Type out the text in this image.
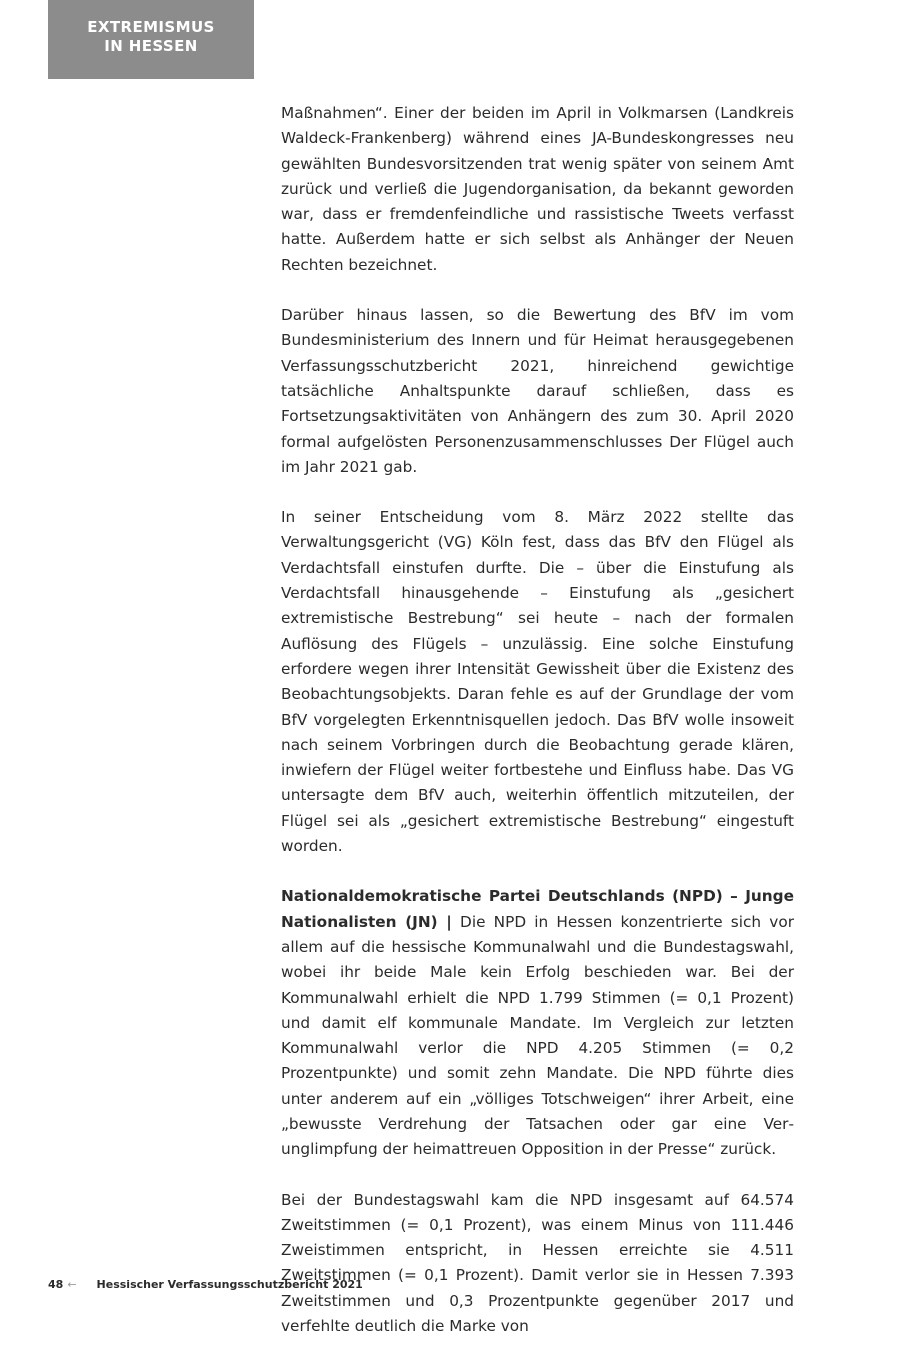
EXTREMISMUS
IN HESSEN

Maßnahmen“. Einer der beiden im April in Volkmarsen (Landkreis Waldeck-Frankenberg) während eines JA-Bundeskongresses neu gewählten Bundesvorsitzenden trat wenig später von seinem Amt zurück und verließ die Jugendorganisation, da bekannt geworden war, dass er fremdenfeindliche und rassistische Tweets verfasst hatte. Außerdem hatte er sich selbst als Anhänger der Neuen Rechten bezeichnet.

Darüber hinaus lassen, so die Bewertung des BfV im vom Bundesministerium des Innern und für Heimat herausgegebenen Verfassungsschutzbericht 2021, hinreichend gewichtige tatsächliche Anhaltspunkte darauf schließen, dass es Fortsetzungsaktivitäten von Anhängern des zum 30. April 2020 formal aufgelösten Personenzusammenschlusses Der Flügel auch im Jahr 2021 gab.

In seiner Entscheidung vom 8. März 2022 stellte das Verwaltungsgericht (VG) Köln fest, dass das BfV den Flügel als Verdachtsfall einstufen durfte. Die – über die Einstufung als Verdachtsfall hinausgehende – Einstufung als „gesichert extremistische Bestrebung“ sei heute – nach der formalen Auflösung des Flügels – unzulässig. Eine solche Einstufung erfordere wegen ihrer Intensität Gewissheit über die Existenz des Beobachtungsobjekts. Daran fehle es auf der Grundlage der vom BfV vorgelegten Erkenntnisquellen jedoch. Das BfV wolle insoweit nach seinem Vorbringen durch die Beobachtung gerade klären, inwiefern der Flügel weiter fortbestehe und Einfluss habe. Das VG untersagte dem BfV auch, weiterhin öffentlich mitzuteilen, der Flügel sei als „gesichert extremistische Bestrebung“ eingestuft worden.

Nationaldemokratische Partei Deutschlands (NPD) – Junge Nationalisten (JN) | Die NPD in Hessen konzentrierte sich vor allem auf die hessische Kommunalwahl und die Bundestagswahl, wobei ihr beide Male kein Erfolg beschieden war. Bei der Kommunalwahl erhielt die NPD 1.799 Stimmen (= 0,1 Prozent) und damit elf kommunale Mandate. Im Vergleich zur letzten Kommunalwahl verlor die NPD 4.205 Stimmen (= 0,2 Prozentpunkte) und somit zehn Mandate. Die NPD führte dies unter anderem auf ein „völliges Totschweigen“ ihrer Arbeit, eine „bewusste Verdrehung der Tatsachen oder gar eine Verunglimpfung der heimattreuen Opposition in der Presse“ zurück.

Bei der Bundestagswahl kam die NPD insgesamt auf 64.574 Zweitstimmen (= 0,1 Prozent), was einem Minus von 111.446 Zweistimmen entspricht, in Hessen erreichte sie 4.511 Zweitstimmen (= 0,1 Prozent). Damit verlor sie in Hessen 7.393 Zweitstimmen und 0,3 Prozentpunkte gegenüber 2017 und verfehlte deutlich die Marke von

48 ← Hessischer Verfassungsschutzbericht 2021
